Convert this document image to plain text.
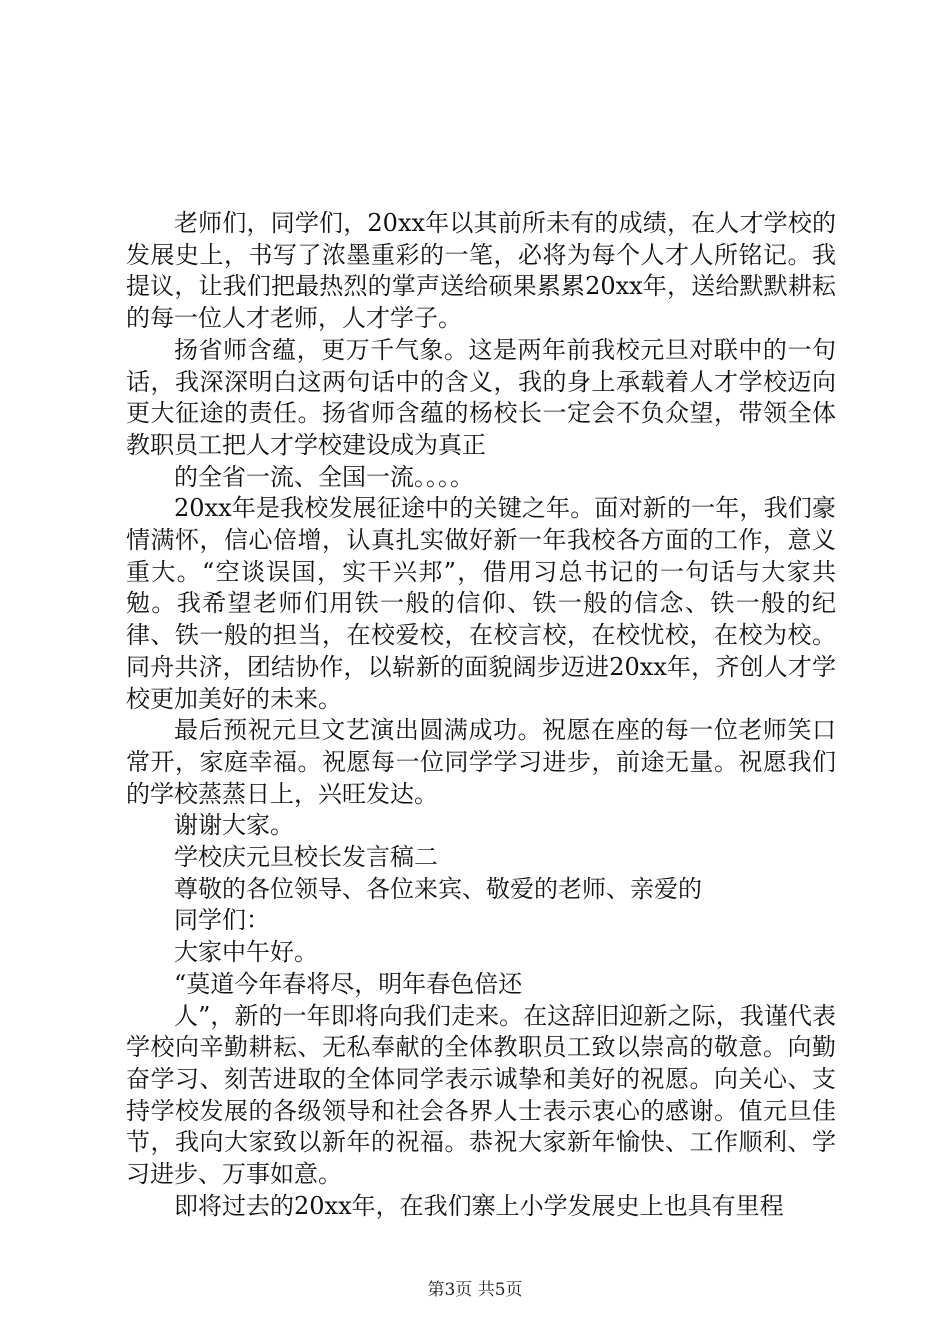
老师们，同学们，20xx年以其前所未有的成绩，在人才学校的发展史上，书写了浓墨重彩的一笔，必将为每个人才人所铭记。我提议，让我们把最热烈的掌声送给硕果累累20xx年，送给默默耕耘的每一位人才老师，人才学子。

扬省师含蕴，更万千气象。这是两年前我校元旦对联中的一句话，我深深明白这两句话中的含义，我的身上承载着人才学校迈向更大征途的责任。扬省师含蕴的杨校长一定会不负众望，带领全体教职员工把人才学校建设成为真正

的全省一流、全国一流。。。。

20xx年是我校发展征途中的关键之年。面对新的一年，我们豪情满怀，信心倍增，认真扎实做好新一年我校各方面的工作，意义重大。“空谈误国，实干兴邦”，借用习总书记的一句话与大家共勉。我希望老师们用铁一般的信仰、铁一般的信念、铁一般的纪律、铁一般的担当，在校爱校，在校言校，在校忧校，在校为校。同舟共济，团结协作，以崭新的面貌阔步迈进20xx年，齐创人才学校更加美好的未来。

最后预祝元旦文艺演出圆满成功。祝愿在座的每一位老师笑口常开，家庭幸福。祝愿每一位同学学习进步，前途无量。祝愿我们的学校蒸蒸日上，兴旺发达。

谢谢大家。

学校庆元旦校长发言稿二

尊敬的各位领导、各位来宾、敬爱的老师、亲爱的

同学们：

大家中午好。

“莫道今年春将尽，明年春色倍还

人”，新的一年即将向我们走来。在这辞旧迎新之际，我谨代表学校向辛勤耕耘、无私奉献的全体教职员工致以崇高的敬意。向勤奋学习、刻苦进取的全体同学表示诚挚和美好的祝愿。向关心、支持学校发展的各级领导和社会各界人士表示衷心的感谢。值元旦佳节，我向大家致以新年的祝福。恭祝大家新年愉快、工作顺利、学习进步、万事如意。

即将过去的20xx年，在我们寨上小学发展史上也具有里程

第3页 共5页
